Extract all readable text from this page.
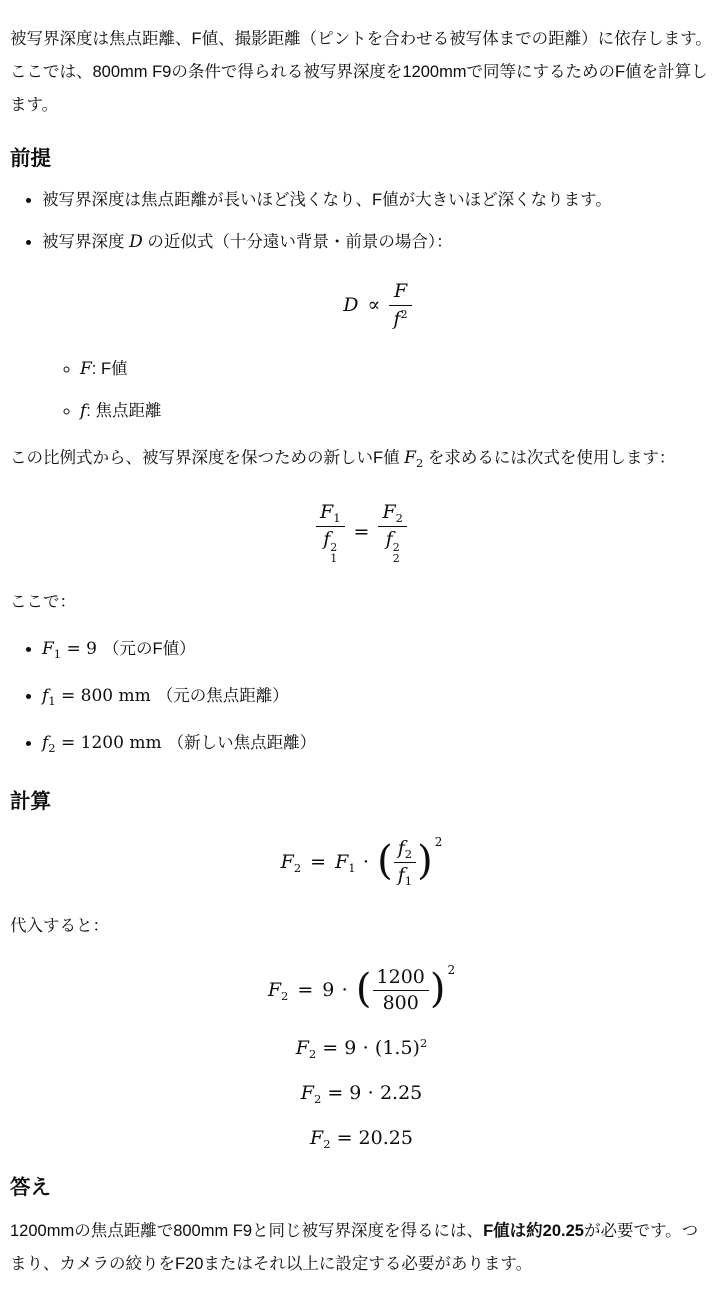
被写界深度は焦点距離、F値、撮影距離（ピントを合わせる被写体までの距離）に依存します。ここでは、800mm F9の条件で得られる被写界深度を1200mmで同等にするためのF値を計算します。

前提
• 被写界深度は焦点距離が長いほど浅くなり、F値が大きいほど深くなります。
• 被写界深度 D の近似式（十分遠い背景・前景の場合）：
$D \propto \frac{F}{f^2}$
◦ F: F値
◦ f: 焦点距離

この比例式から、被写界深度を保つための新しいF値 $F_2$ を求めるには次式を使用します：

$F_1$
f 2
$1 = F_2$
f 2
2

ここで：

• $F_1 = 9$ （元のF値）
• $f_1 = 800$ mm （元の焦点距離）
• $f_2 = 1200$ mm （新しい焦点距離）
計算
$F_2 = F_1$ ⋅ ( $\frac{f_2}{f_1}$ ) $^2$

代入すると：

$F_2 = 9$ ⋅ ( $\frac{1200}{800}$ ) $^2$
$F_2 = 9 \cdot (1.5)^2$
$F_2 = 9 \cdot 2.25$
$F_2 = 20.25$
答え

1200mmの焦点距離で800mm F9と同じ被写界深度を得るには、F値は約20.25が必要です。つまり、カメラの絞りをF20またはそれ以上に設定する必要があります。
